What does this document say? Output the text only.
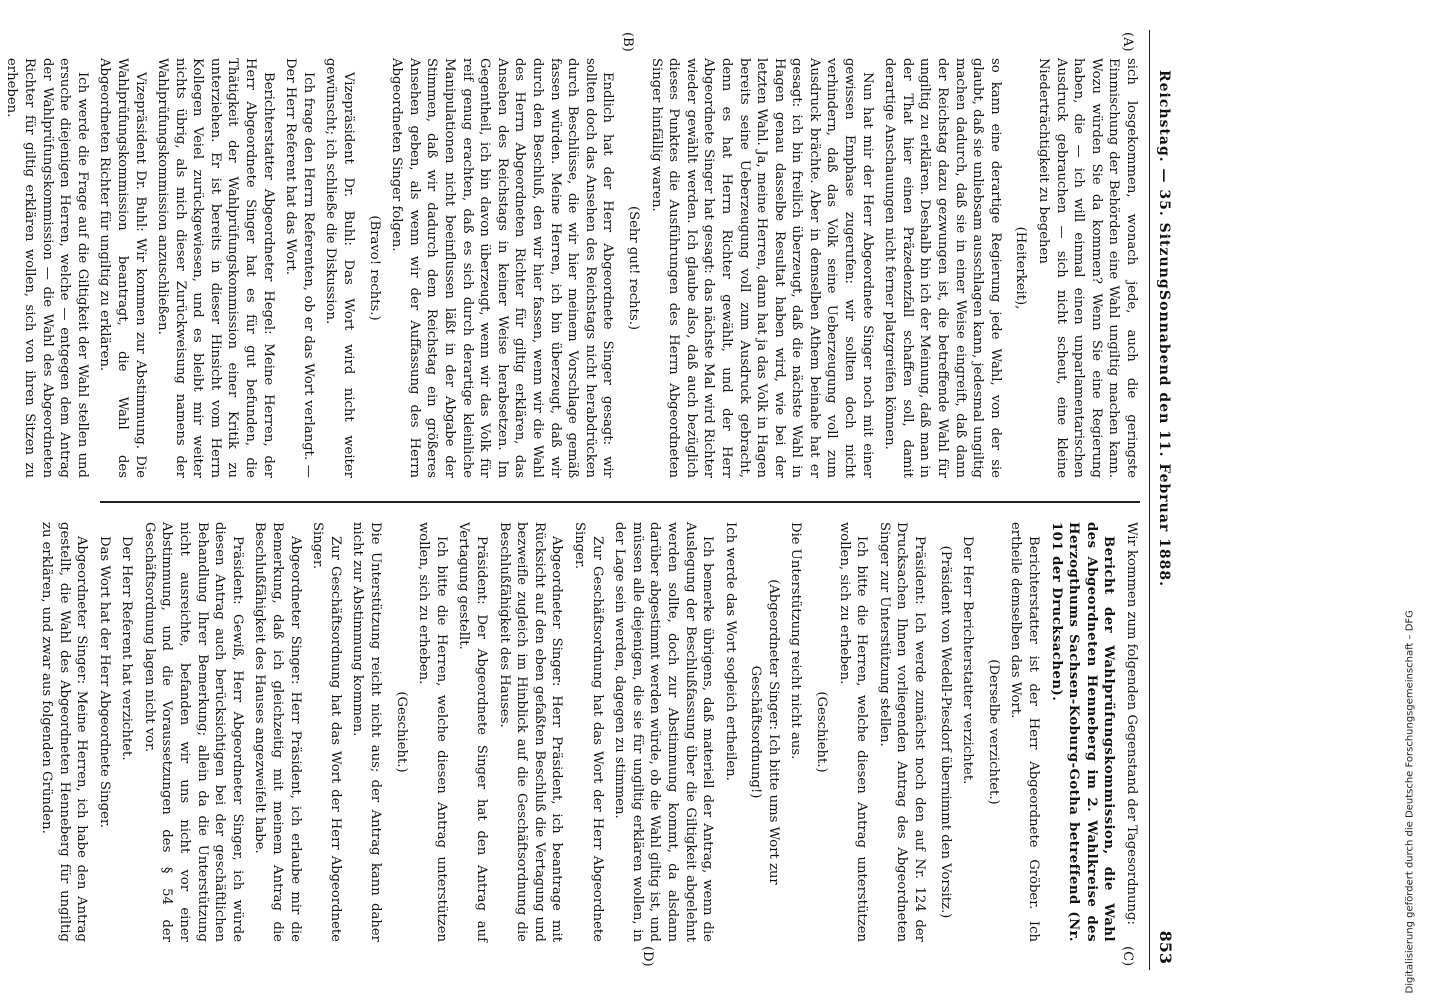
Reichstag. — 35. Sitzung.
Sonnabend den 11. Februar 1888.
853
(A)
(B)
(C)
(D)

sich losgekommen, wonach jede, auch die geringste Einmischung der Behörden eine Wahl ungiltig machen kann. Wozu würden Sie da kommen? Wenn Sie eine Regierung haben, die — ich will einmal einen unparlamentarischen Ausdruck gebrauchen — sich nicht scheut, eine kleine Niederträchtigkeit zu begehen

(Heiterkeit),

so kann eine derartige Regierung jede Wahl, von der sie glaubt, daß sie unliebsam ausschlagen kann, jedesmal ungiltig machen dadurch, daß sie in einer Weise eingreift, daß dann der Reichstag dazu gezwungen ist, die betreffende Wahl für ungiltig zu erklären. Deshalb bin ich der Meinung, daß man in der That hier einen Präzedenzfall schaffen soll, damit derartige Anschauungen nicht ferner platzgreifen können.

Nun hat mir der Herr Abgeordnete Singer noch mit einer gewissen Emphase zugerufen: wir sollten doch nicht verhindern, daß das Volk seine Ueberzeugung voll zum Ausdruck brächte. Aber in demselben Athem beinahe hat er gesagt: ich bin freilich überzeugt, daß die nächste Wahl in Hagen genau dasselbe Resultat haben wird, wie bei der letzten Wahl. Ja, meine Herren, dann hat ja das Volk in Hagen bereits seine Ueberzeugung voll zum Ausdruck gebracht, denn es hat Herrn Richter gewählt, und der Herr Abgeordnete Singer hat gesagt: das nächste Mal wird Richter wieder gewählt werden. Ich glaube also, daß auch bezüglich dieses Punktes die Ausführungen des Herrn Abgeordneten Singer hinfällig waren.

(Sehr gut! rechts.)

Endlich hat der Herr Abgeordnete Singer gesagt: wir sollten doch das Ansehen des Reichstags nicht herabdrücken durch Beschlüsse, die wir hier meinem Vorschlage gemäß fassen würden. Meine Herren, ich bin überzeugt, daß wir durch den Beschluß, den wir hier fassen, wenn wir die Wahl des Herrn Abgeordneten Richter für giltig erklären, das Ansehen des Reichstags in keiner Weise herabsetzen. Im Gegentheil, ich bin davon überzeugt, wenn wir das Volk für reif genug erachten, daß es sich durch derartige kleinliche Manipulationen nicht beeinflussen läßt in der Abgabe der Stimmen, daß wir dadurch dem Reichstag ein größeres Ansehen geben, als wenn wir der Auffassung des Herrn Abgeordneten Singer folgen.

(Bravo! rechts.)

Vizepräsident Dr. Buhl: Das Wort wird nicht weiter gewünscht; ich schließe die Diskussion.

Ich frage den Herrn Referenten, ob er das Wort verlangt. — Der Herr Referent hat das Wort.

Berichterstatter Abgeordneter Hegel: Meine Herren, der Herr Abgeordnete Singer hat es für gut befunden, die Thätigkeit der Wahlprüfungskommission einer Kritik zu unterziehen. Er ist bereits in dieser Hinsicht vom Herrn Kollegen Veiel zurückgewiesen, und es bleibt mir weiter nichts übrig, als mich dieser Zurückweisung namens der Wahlprüfungskommission anzuschließen.

Vizepräsident Dr. Buhl: Wir kommen zur Abstimmung. Die Wahlprüfungskommission beantragt, die Wahl des Abgeordneten Richter für ungiltig zu erklären.

Ich werde die Frage auf die Giltigkeit der Wahl stellen und ersuche diejenigen Herren, welche — entgegen dem Antrag der Wahlprüfungskommission — die Wahl des Abgeordneten Richter für giltig erklären wollen, sich von ihren Sitzen zu erheben.

Wir kommen zum folgenden Gegenstand der Tagesordnung:

Bericht der Wahlprüfungskommission, die Wahl des Abgeordneten Henneberg im 2. Wahlkreise des Herzogthums Sachsen-Koburg-Gotha betreffend (Nr. 101 der Drucksachen).

Berichterstatter ist der Herr Abgeordnete Gröber. Ich ertheile demselben das Wort.

(Derselbe verzichtet.)

Der Herr Berichterstatter verzichtet.

(Präsident von Wedell-Piesdorf übernimmt den Vorsitz.)

Präsident: Ich werde zunächst noch den auf Nr. 124 der Drucksachen Ihnen vorliegenden Antrag des Abgeordneten Singer zur Unterstützung stellen.

Ich bitte die Herren, welche diesen Antrag unterstützen wollen, sich zu erheben.

(Geschieht.)

Die Unterstützung reicht nicht aus.

(Abgeordneter Singer: Ich bitte ums Wort zur Geschäftsordnung!)

Ich werde das Wort sogleich ertheilen.

Ich bemerke übrigens, daß materiell der Antrag, wenn die Auslegung der Beschlußfassung über die Giltigkeit abgelehnt werden sollte, doch zur Abstimmung kommt, da alsdann darüber abgestimmt werden würde, ob die Wahl giltig ist, und müssen alle diejenigen, die sie für ungiltig erklären wollen, in der Lage sein werden, dagegen zu stimmen.

Zur Geschäftsordnung hat das Wort der Herr Abgeordnete Singer.

Abgeordneter Singer: Herr Präsident, ich beantrage mit Rücksicht auf den eben gefaßten Beschluß die Vertagung und bezweifle zugleich im Hinblick auf die Geschäftsordnung die Beschlußfähigkeit des Hauses.

Präsident: Der Abgeordnete Singer hat den Antrag auf Vertagung gestellt.

Ich bitte die Herren, welche diesen Antrag unterstützen wollen, sich zu erheben.

(Geschieht.)

Die Unterstützung reicht nicht aus; der Antrag kann daher nicht zur Abstimmung kommen.

Zur Geschäftsordnung hat das Wort der Herr Abgeordnete Singer.

Abgeordneter Singer: Herr Präsident, ich erlaube mir die Bemerkung, daß ich gleichzeitig mit meinem Antrag die Beschlußfähigkeit des Hauses angezweifelt habe.

Präsident: Gewiß, Herr Abgeordneter Singer, ich würde diesen Antrag auch berücksichtigen bei der geschäftlichen Behandlung Ihrer Bemerkung; allein da die Unterstützung nicht ausreichte, befanden wir uns nicht vor einer Abstimmung, und die Voraussetzungen des § 54 der Geschäftsordnung lagen nicht vor.

Der Herr Referent hat verzichtet.

Das Wort hat der Herr Abgeordnete Singer.

Abgeordneter Singer: Meine Herren, ich habe den Antrag gestellt, die Wahl des Abgeordneten Henneberg für ungiltig zu erklären, und zwar aus folgenden Gründen.	Digitalisierung gefördert durch die Deutsche Forschungsgemeinschaft – DFG
